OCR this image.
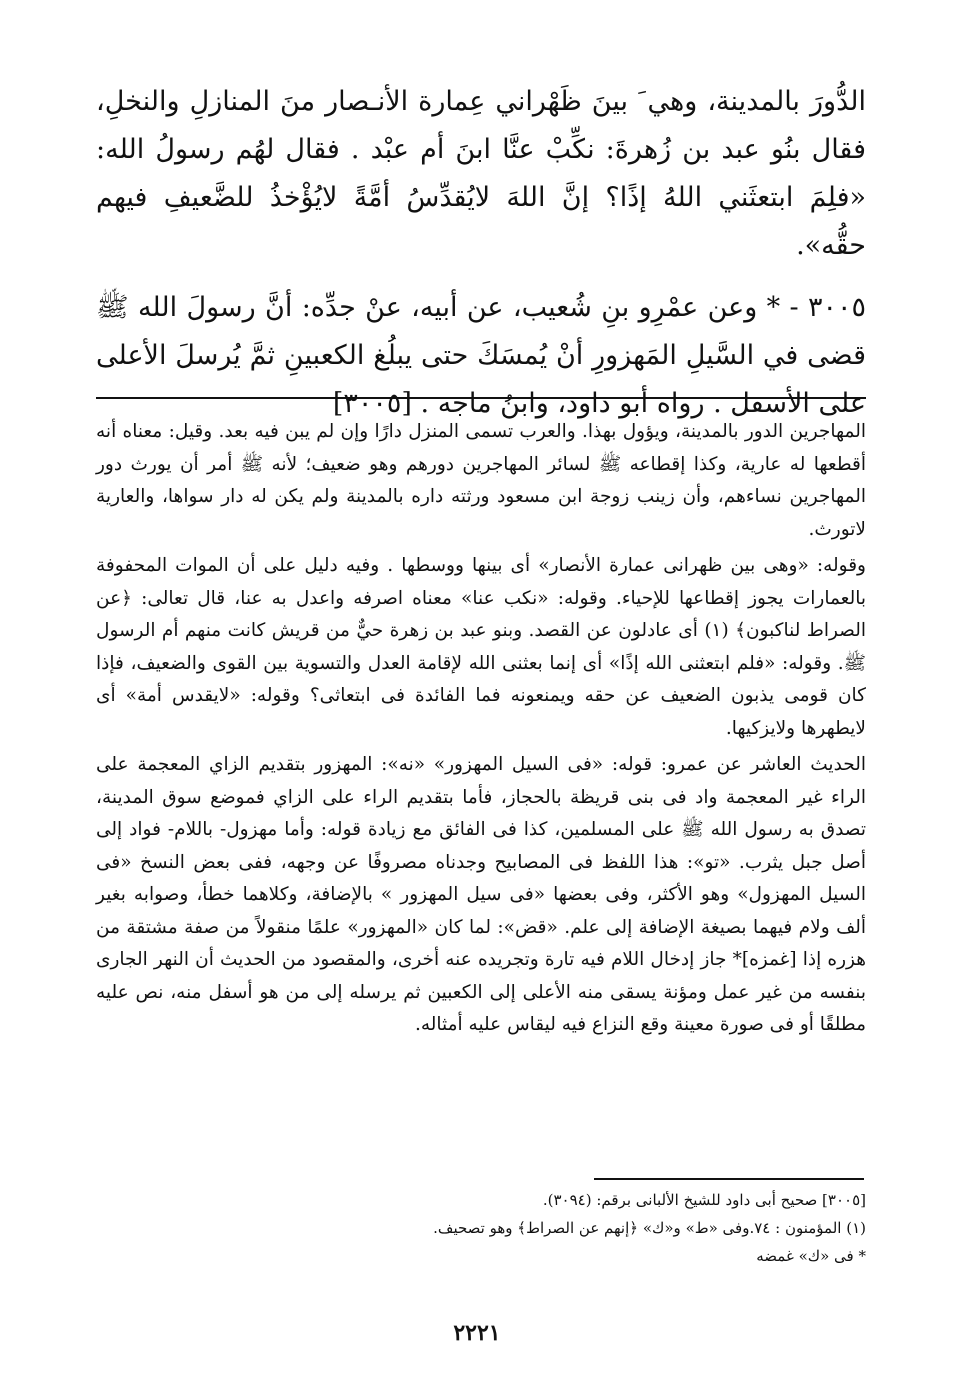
الدُّورَ بالمدينة، وهي َ بينَ ظَهْراني عِمارة الأنـصار منَ المنازلِ والنخلِ، فقال بنُو عبد بن زُهرةَ: نكِّبْ عنَّا ابنَ أم عبْد . فقال لهُم رسولُ الله: «فلِمَ ابتعثَني اللهُ إذًا؟ إنَّ اللهَ لايُقدِّسُ أمَّةً لايُؤْخذُ للضَّعيفِ فيهم حقُّه».

٣٠٠٥ - * وعن عمْرِو بنِ شُعيب، عن أبيه، عنْ جدِّه: أنَّ رسولَ الله ﷺ قضى في السَّيلِ المَهزورِ أنْ يُمسَكَ حتى يبلُغ الكعبينِ ثمَّ يُرسلَ الأعلى على الأسفل . رواه أبو داود، وابنُ ماجه . [٣٠٠٥]

المهاجرين الدور بالمدينة، ويؤول بهذا. والعرب تسمى المنزل دارًا وإن لم يبن فيه بعد. وقيل: معناه أنه أقطعها له عارية، وكذا إقطاعه ﷺ لسائر المهاجرين دورهم وهو ضعيف؛ لأنه ﷺ أمر أن يورث دور المهاجرين نساءهم، وأن زينب زوجة ابن مسعود ورثته داره بالمدينة ولم يكن له دار سواها، والعارية لاتورث.

وقوله: «وهى بين ظهرانى عمارة الأنصار» أى بينها ووسطها . وفيه دليل على أن الموات المحفوفة بالعمارات يجوز إقطاعها للإحياء. وقوله: «نكب عنا» معناه اصرفه واعدل به عنا، قال تعالى: ﴿عن الصراط لناكبون﴾ (١) أى عادلون عن القصد. وبنو عبد بن زهرة حيٌّ من قريش كانت منهم أم الرسول ﷺ. وقوله: «فلم ابتعثنى الله إذًا» أى إنما بعثنى الله لإقامة العدل والتسوية بين القوى والضعيف، فإذا كان قومى يذبون الضعيف عن حقه ويمنعونه فما الفائدة فى ابتعاثى؟ وقوله: «لايقدس أمة» أى لايطهرها ولايزكيها.

الحديث العاشر عن عمرو: قوله: «فى السيل المهزور» «نه»: المهزور بتقديم الزاي المعجمة على الراء غير المعجمة واد فى بنى قريظة بالحجاز، فأما بتقديم الراء على الزاي فموضع سوق المدينة، تصدق به رسول الله ﷺ على المسلمين، كذا فى الفائق مع زيادة قوله: وأما مهزول- باللام- فواد إلى أصل جبل يثرب. «تو»: هذا اللفظ فى المصابيح وجدناه مصروفًا عن وجهه، ففى بعض النسخ «فى السيل المهزول» وهو الأكثر، وفى بعضها «فى سيل المهزور » بالإضافة، وكلاهما خطأ، وصوابه بغير ألف ولام فيهما بصيغة الإضافة إلى علم. «قض»: لما كان «المهزور» علمًا منقولاً من صفة مشتقة من هزره إذا [غمزه]* جاز إدخال اللام فيه تارة وتجريده عنه أخرى، والمقصود من الحديث أن النهر الجارى بنفسه من غير عمل ومؤنة يسقى منه الأعلى إلى الكعبين ثم يرسله إلى من هو أسفل منه، نص عليه مطلقًا أو فى صورة معينة وقع النزاع فيه ليقاس عليه أمثاله.

[٣٠٠٥] صحيح أبى داود للشيخ الألبانى برقم: (٣٠٩٤).

(١) المؤمنون : ٧٤.وفى «ط» و«ك» ﴿إنهم عن الصراط﴾ وهو تصحيف.

* فى «ك» غمضه

٢٢٢١
